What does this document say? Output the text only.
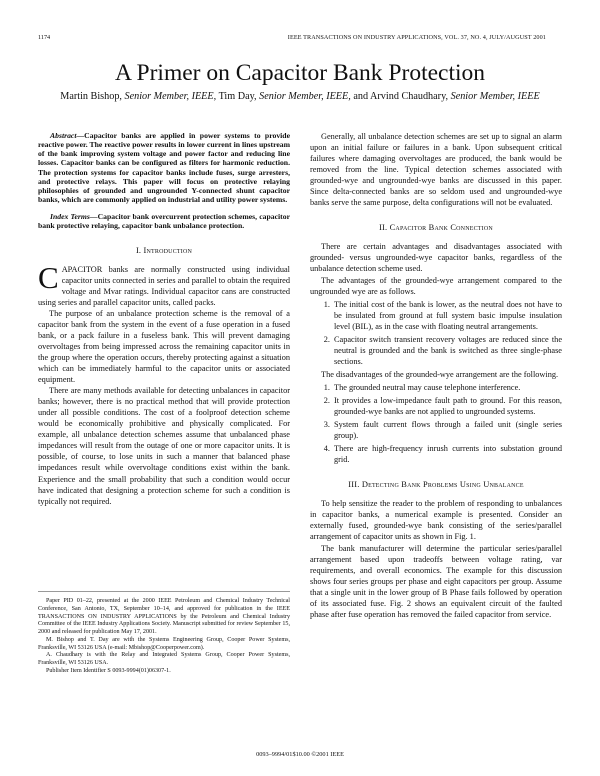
1174	IEEE TRANSACTIONS ON INDUSTRY APPLICATIONS, VOL. 37, NO. 4, JULY/AUGUST 2001
A Primer on Capacitor Bank Protection
Martin Bishop, Senior Member, IEEE, Tim Day, Senior Member, IEEE, and Arvind Chaudhary, Senior Member, IEEE

Abstract—Capacitor banks are applied in power systems to provide reactive power. The reactive power results in lower current in lines upstream of the bank improving system voltage and power factor and reducing line losses. Capacitor banks can be configured as filters for harmonic reduction. The protection systems for capacitor banks include fuses, surge arresters, and protective relays. This paper will focus on protective relaying philosophies of grounded and ungrounded Y-connected shunt capacitor banks, which are commonly applied on industrial and utility power systems.

Index Terms—Capacitor bank overcurrent protection schemes, capacitor bank protective relaying, capacitor bank unbalance protection.

I. Introduction

CAPACITOR banks are normally constructed using individual capacitor units connected in series and parallel to obtain the required voltage and Mvar ratings. Individual capacitor cans are constructed using series and parallel capacitor units, called packs.

The purpose of an unbalance protection scheme is the removal of a capacitor bank from the system in the event of a fuse operation in a fused bank, or a pack failure in a fuseless bank. This will prevent damaging overvoltages from being impressed across the remaining capacitor units in the group where the operation occurs, thereby protecting against a situation which can be immediately harmful to the capacitor units or associated equipment.

There are many methods available for detecting unbalances in capacitor banks; however, there is no practical method that will provide protection under all possible conditions. The cost of a foolproof detection scheme would be economically prohibitive and physically complicated. For example, all unbalance detection schemes assume that unbalanced phase impedances will result from the outage of one or more capacitor units. It is possible, of course, to lose units in such a manner that balanced phase impedances result while overvoltage conditions exist within the bank. Experience and the small probability that such a condition would occur have indicated that designing a protection scheme for such a condition is typically not required.

Paper PID 01–22, presented at the 2000 IEEE Petroleum and Chemical Industry Technical Conference, San Antonio, TX, September 10–14, and approved for publication in the IEEE TRANSACTIONS ON INDUSTRY APPLICATIONS by the Petroleum and Chemical Industry Committee of the IEEE Industry Applications Society. Manuscript submitted for review September 15, 2000 and released for publication May 17, 2001.

M. Bishop and T. Day are with the Systems Engineering Group, Cooper Power Systems, Franksville, WI 53126 USA (e-mail: Mbishop@Cooperpower.com).

A. Chaudhary is with the Relay and Integrated Systems Group, Cooper Power Systems, Franksville, WI 53126 USA.

Publisher Item Identifier S 0093-9994(01)06307-1.

Generally, all unbalance detection schemes are set up to signal an alarm upon an initial failure or failures in a bank. Upon subsequent critical failures where damaging overvoltages are produced, the bank would be removed from the line. Typical detection schemes associated with grounded-wye and ungrounded-wye banks are discussed in this paper. Since delta-connected banks are so seldom used and ungrounded-wye banks serve the same purpose, delta configurations will not be evaluated.

II. Capacitor Bank Connection

There are certain advantages and disadvantages associated with grounded- versus ungrounded-wye capacitor banks, regardless of the unbalance detection scheme used.

The advantages of the grounded-wye arrangement compared to the ungrounded wye are as follows.

1. The initial cost of the bank is lower, as the neutral does not have to be insulated from ground at full system basic impulse insulation level (BIL), as in the case with floating neutral arrangements.
2. Capacitor switch transient recovery voltages are reduced since the neutral is grounded and the bank is switched as three single-phase sections.

The disadvantages of the grounded-wye arrangement are the following.

1. The grounded neutral may cause telephone interference.
2. It provides a low-impedance fault path to ground. For this reason, grounded-wye banks are not applied to ungrounded systems.
3. System fault current flows through a failed unit (single series group).
4. There are high-frequency inrush currents into substation ground grid.
III. Detecting Bank Problems Using Unbalance

To help sensitize the reader to the problem of responding to unbalances in capacitor banks, a numerical example is presented. Consider an externally fused, grounded-wye bank consisting of the series/parallel arrangement of capacitor units as shown in Fig. 1.

The bank manufacturer will determine the particular series/parallel arrangement based upon tradeoffs between voltage rating, var requirements, and overall economics. The example for this discussion shows four series groups per phase and eight capacitors per group. Assume that a single unit in the lower group of B Phase fails followed by operation of its associated fuse. Fig. 2 shows an equivalent circuit of the faulted phase after fuse operation has removed the failed capacitor from service.

0093–9994/01$10.00 ©2001 IEEE
